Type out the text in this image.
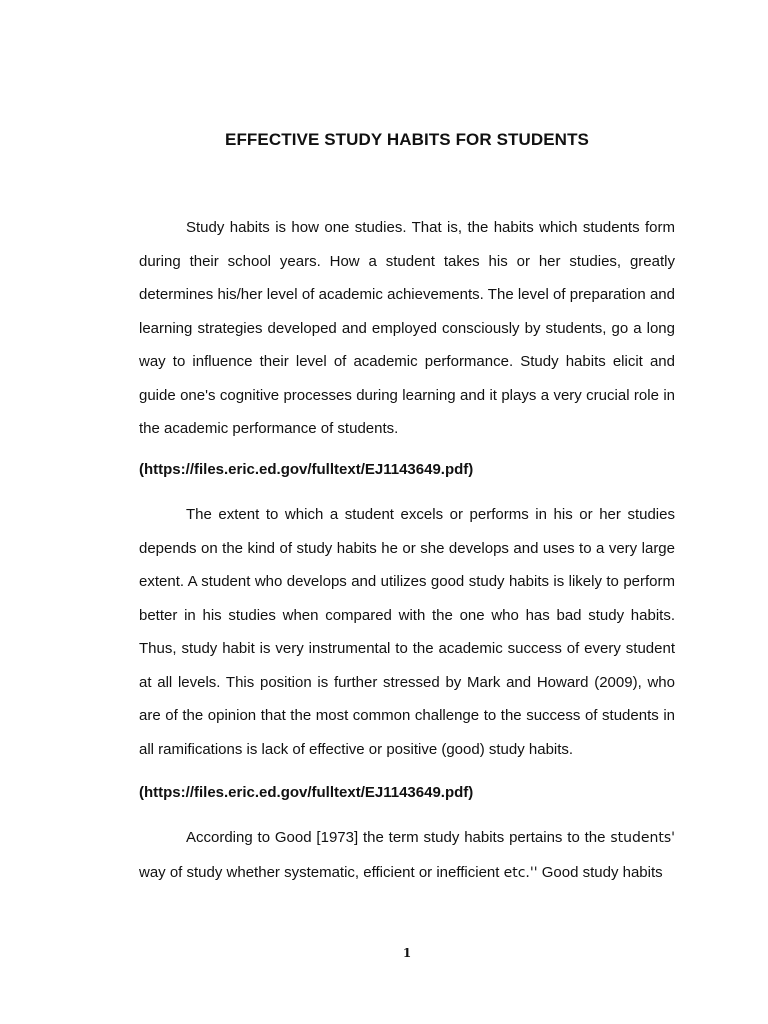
EFFECTIVE STUDY HABITS FOR STUDENTS

Study habits is how one studies. That is, the habits which students form during their school years. How a student takes his or her studies, greatly determines his/her level of academic achievements. The level of preparation and learning strategies developed and employed consciously by students, go a long way to influence their level of academic performance. Study habits elicit and guide one's cognitive processes during learning and it plays a very crucial role in the academic performance of students.

(https://files.eric.ed.gov/fulltext/EJ1143649.pdf)

The extent to which a student excels or performs in his or her studies depends on the kind of study habits he or she develops and uses to a very large extent. A student who develops and utilizes good study habits is likely to perform better in his studies when compared with the one who has bad study habits. Thus, study habit is very instrumental to the academic success of every student at all levels. This position is further stressed by Mark and Howard (2009), who are of the opinion that the most common challenge to the success of students in all ramifications is lack of effective or positive (good) study habits.

(https://files.eric.ed.gov/fulltext/EJ1143649.pdf)

According to Good [1973] the term study habits pertains to the students' way of study whether systematic, efficient or inefficient etc.'' Good study habits

1
